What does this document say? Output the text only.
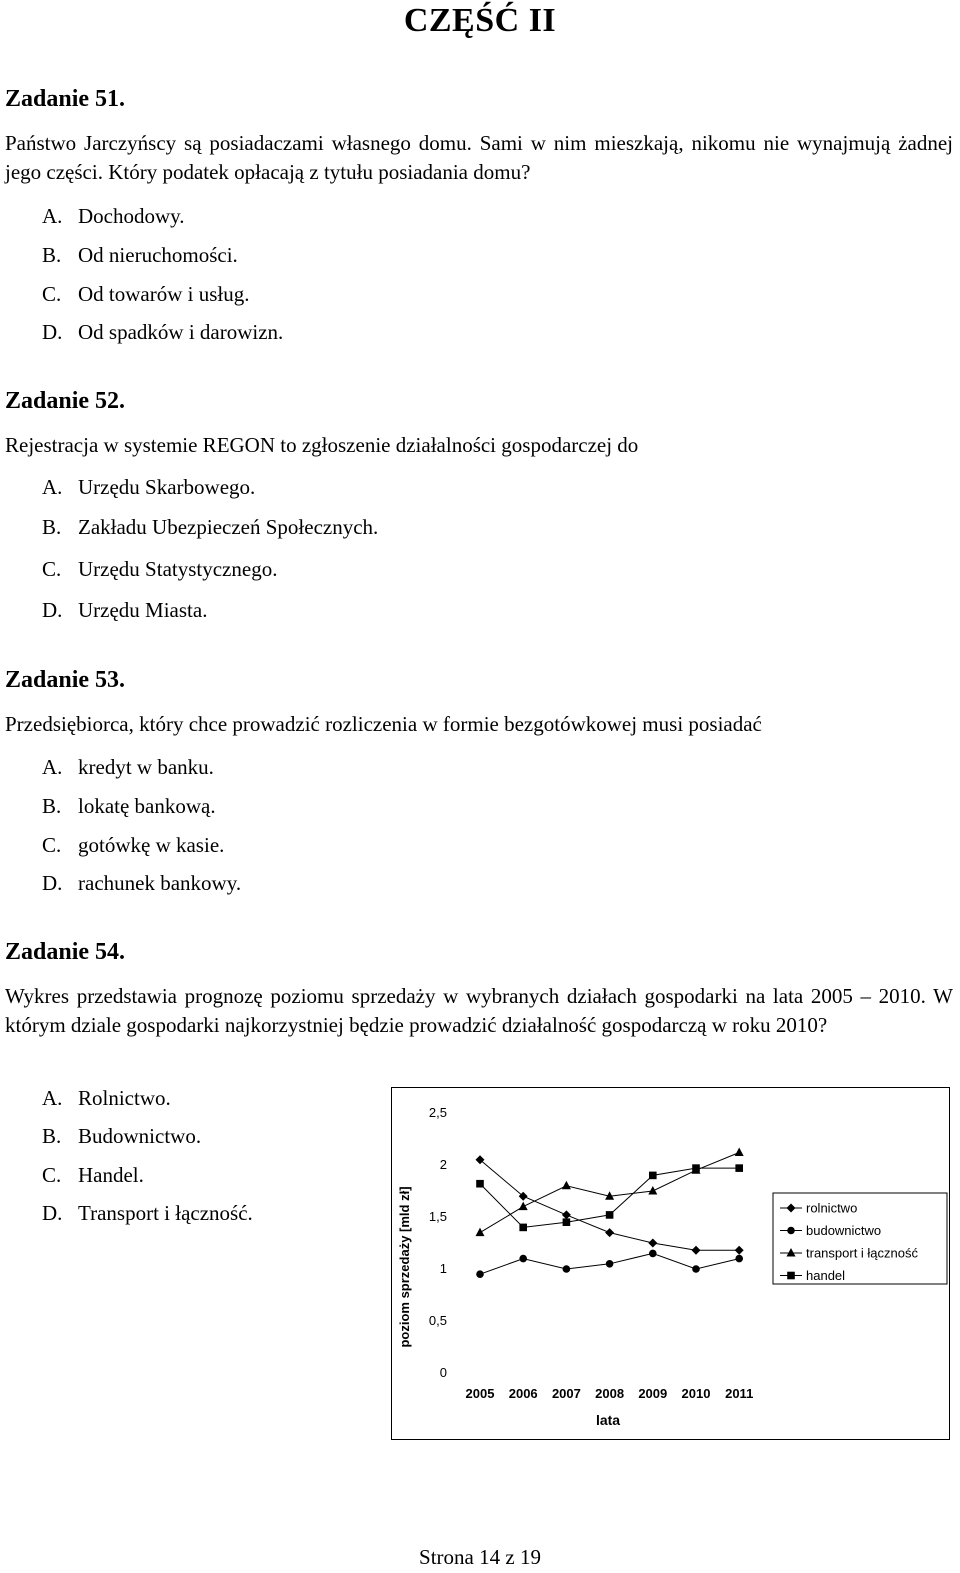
CZĘŚĆ II
Zadanie 51.
Państwo Jarczyńscy są posiadaczami własnego domu. Sami w nim mieszkają, nikomu nie wynajmują żadnej jego części. Który podatek opłacają z tytułu posiadania domu?
A. Dochodowy.
B. Od nieruchomości.
C. Od towarów i usług.
D. Od spadków i darowizn.
Zadanie 52.
Rejestracja w systemie REGON to zgłoszenie działalności gospodarczej do
A. Urzędu Skarbowego.
B. Zakładu Ubezpieczeń Społecznych.
C. Urzędu Statystycznego.
D. Urzędu Miasta.
Zadanie 53.
Przedsiębiorca, który chce prowadzić rozliczenia w formie bezgotówkowej musi posiadać
A. kredyt w banku.
B. lokatę bankową.
C. gotówkę w kasie.
D. rachunek bankowy.
Zadanie 54.
Wykres przedstawia prognozę poziomu sprzedaży w wybranych działach gospodarki na lata 2005 – 2010. W którym dziale gospodarki najkorzystniej będzie prowadzić działalność gospodarczą w roku 2010?
A. Rolnictwo.
B. Budownictwo.
C. Handel.
D. Transport i łączność.	poziom sprzedaży [mld zł]
lata
0
0,5
1
1,5
2
2,5
2005 2006 2007 2008 2009 2010 2011
rolnictwo
budownictwo
transport i łączność
handel
Strona 14 z 19
